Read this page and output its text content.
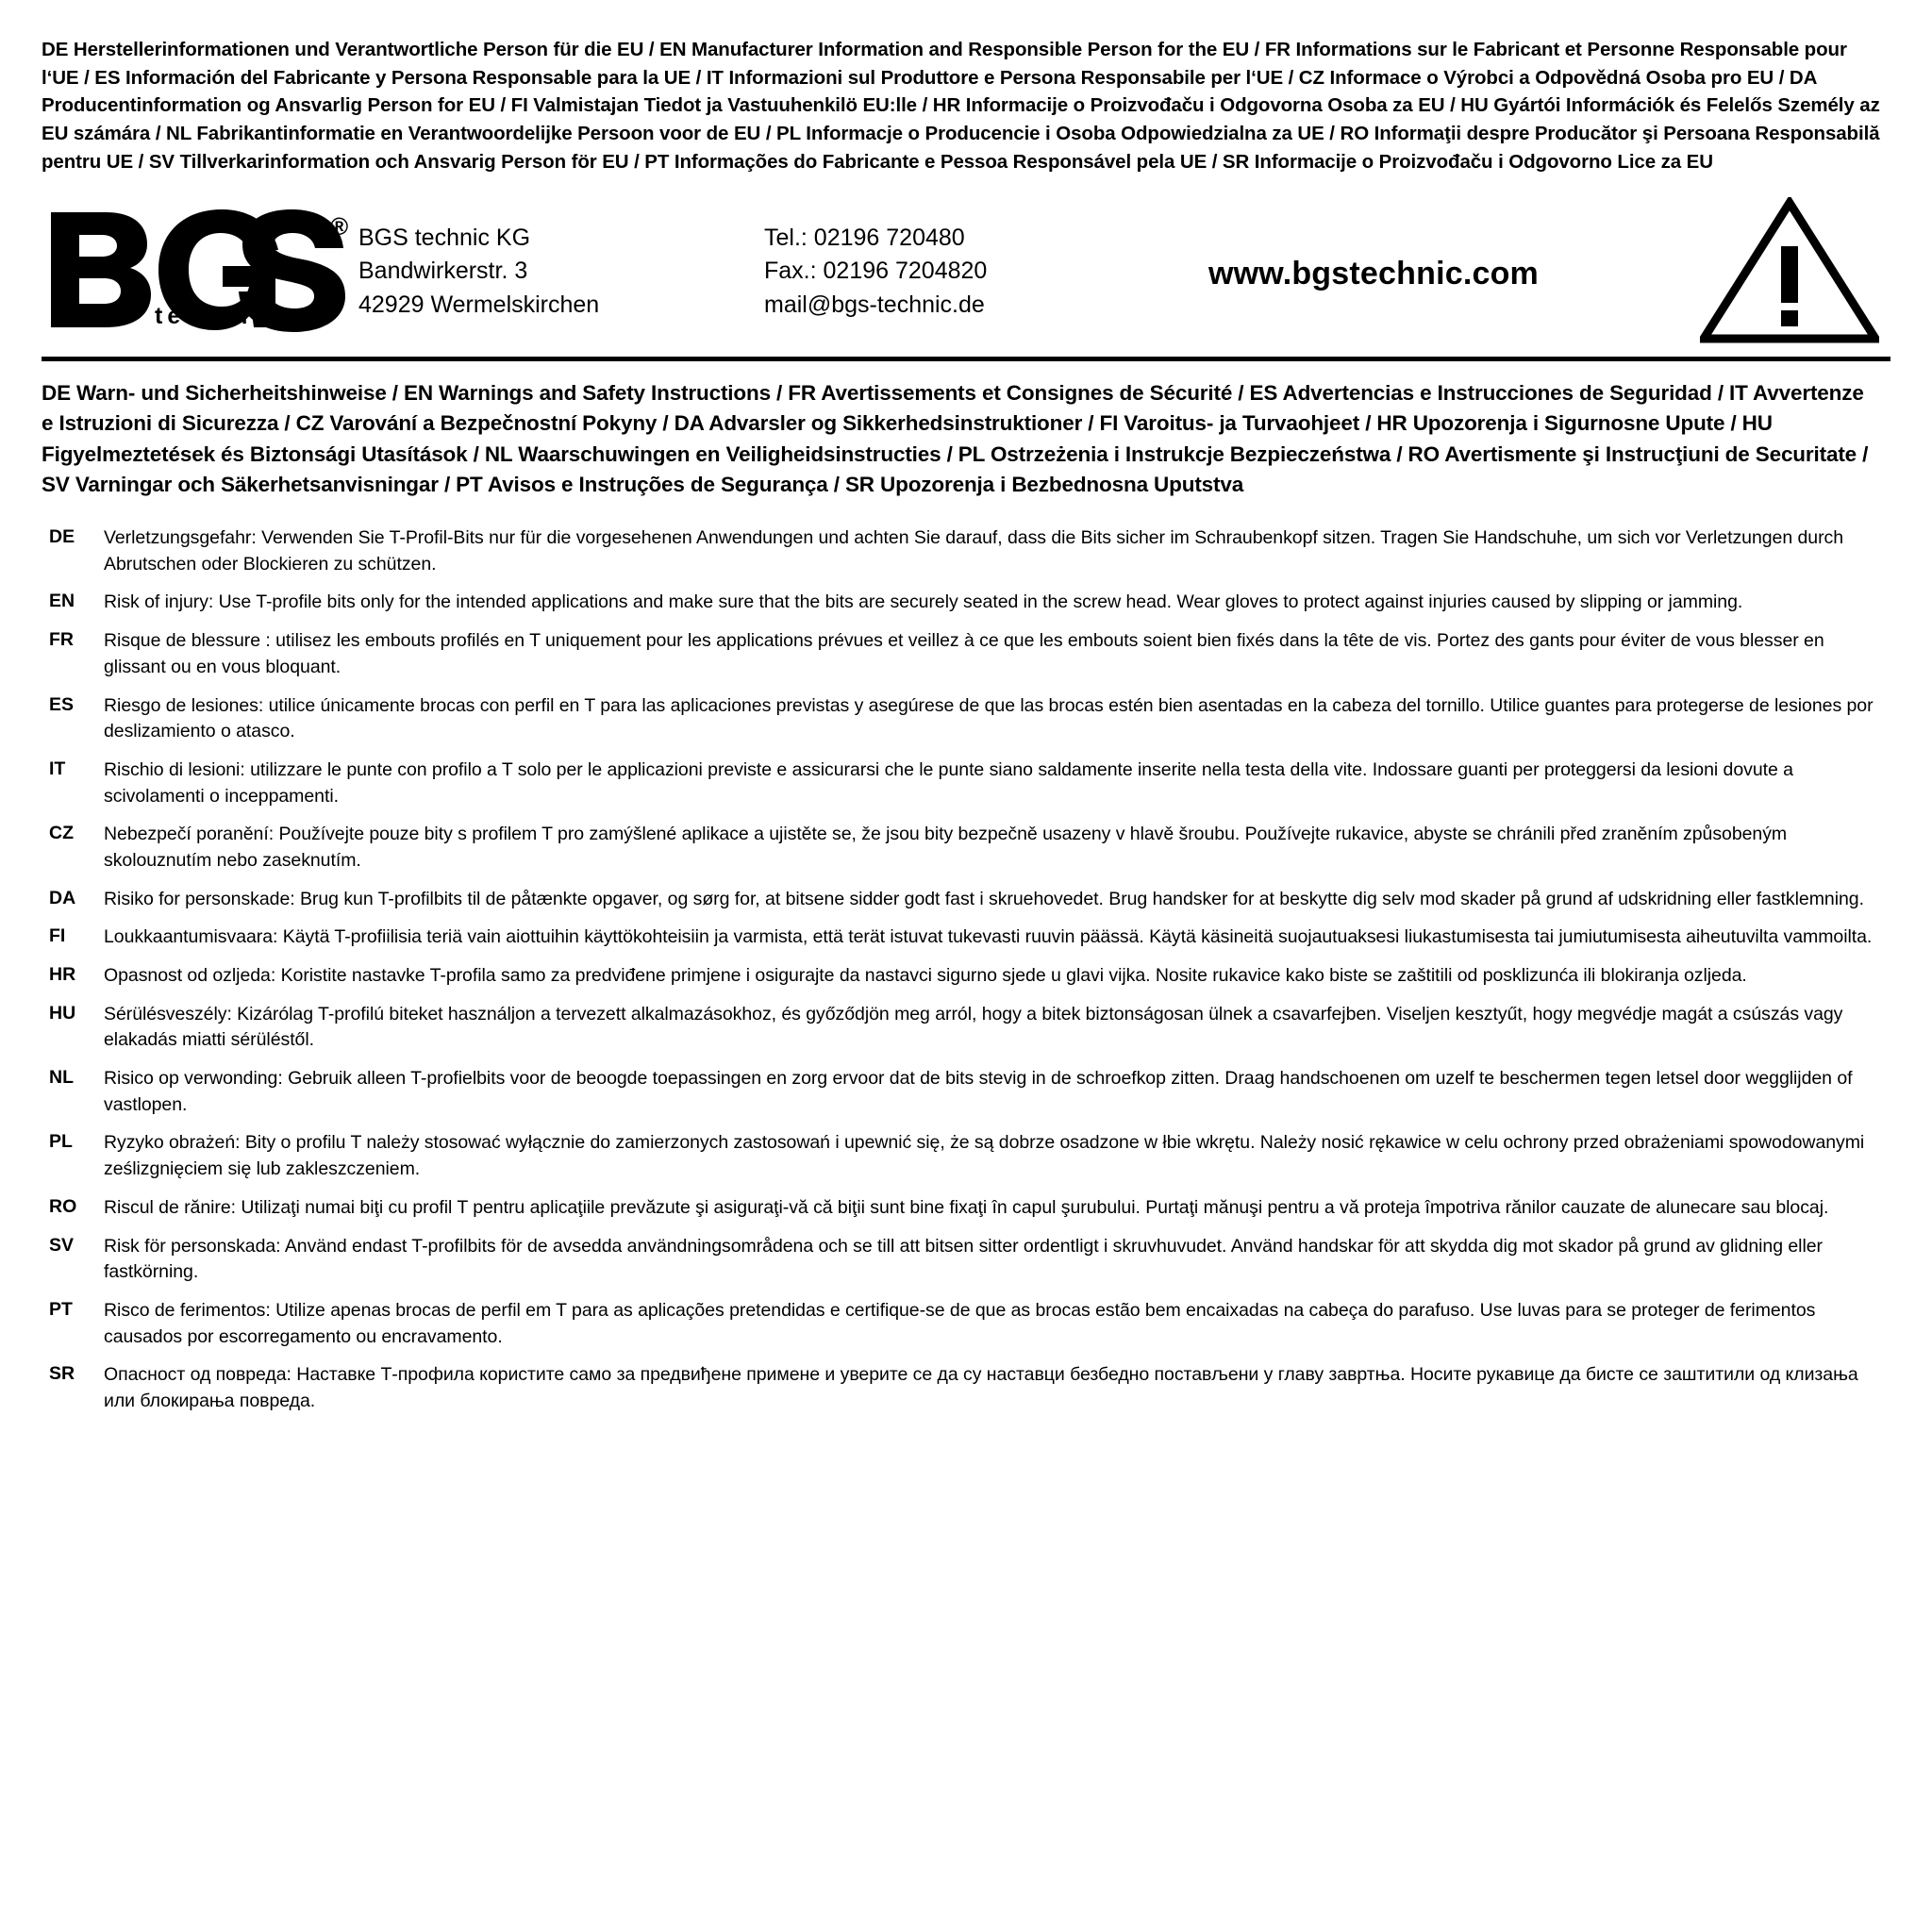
DE Herstellerinformationen und Verantwortliche Person für die EU / EN Manufacturer Information and Responsible Person for the EU / FR Informations sur le Fabricant et Personne Responsable pour l‘UE / ES Información del Fabricante y Persona Responsable para la UE / IT Informazioni sul Produttore e Persona Responsabile per l‘UE / CZ Informace o Výrobci a Odpovědná Osoba pro EU / DA Producentinformation og Ansvarlig Person for EU / FI Valmistajan Tiedot ja Vastuuhenkilö EU:lle / HR Informacije o Proizvođaču i Odgovorna Osoba za EU / HU Gyártói Információk és Felelős Személy az EU számára / NL Fabrikantinformatie en Verantwoordelijke Persoon voor de EU / PL Informacje o Producencie i Osoba Odpowiedzialna za UE / RO Informaţii despre Producător şi Persoana Responsabilă pentru UE / SV Tillverkarinformation och Ansvarig Person för EU / PT Informações do Fabricante e Pessoa Responsável pela UE / SR Informacije o Proizvođaču i Odgovorno Lice za EU
®
technic
BGS technic KG
Bandwirkerstr. 3
42929 Wermelskirchen
Tel.: 02196 720480
Fax.: 02196 7204820
mail@bgs-technic.de
www.bgstechnic.com
DE Warn- und Sicherheitshinweise / EN Warnings and Safety Instructions / FR Avertissements et Consignes de Sécurité / ES Advertencias e Instrucciones de Seguridad / IT Avvertenze e Istruzioni di Sicurezza / CZ Varování a Bezpečnostní Pokyny / DA Advarsler og Sikkerhedsinstruktioner / FI Varoitus- ja Turvaohjeet / HR Upozorenja i Sigurnosne Upute / HU Figyelmeztetések és Biztonsági Utasítások / NL Waarschuwingen en Veiligheidsinstructies / PL Ostrzeżenia i Instrukcje Bezpieczeństwa / RO Avertismente şi Instrucţiuni de Securitate / SV Varningar och Säkerhetsanvisningar / PT Avisos e Instruções de Segurança / SR Upozorenja i Bezbednosna Uputstva
DE	Verletzungsgefahr: Verwenden Sie T-Profil-Bits nur für die vorgesehenen Anwendungen und achten Sie darauf, dass die Bits sicher im Schraubenkopf sitzen. Tragen Sie Handschuhe, um sich vor Verletzungen durch Abrutschen oder Blockieren zu schützen.
EN	Risk of injury: Use T-profile bits only for the intended applications and make sure that the bits are securely seated in the screw head. Wear gloves to protect against injuries caused by slipping or jamming.
FR	Risque de blessure : utilisez les embouts profilés en T uniquement pour les applications prévues et veillez à ce que les embouts soient bien fixés dans la tête de vis. Portez des gants pour éviter de vous blesser en glissant ou en vous bloquant.
ES	Riesgo de lesiones: utilice únicamente brocas con perfil en T para las aplicaciones previstas y asegúrese de que las brocas estén bien asentadas en la cabeza del tornillo. Utilice guantes para protegerse de lesiones por deslizamiento o atasco.
IT	Rischio di lesioni: utilizzare le punte con profilo a T solo per le applicazioni previste e assicurarsi che le punte siano saldamente inserite nella testa della vite. Indossare guanti per proteggersi da lesioni dovute a scivolamenti o inceppamenti.
CZ	Nebezpečí poranění: Používejte pouze bity s profilem T pro zamýšlené aplikace a ujistěte se, že jsou bity bezpečně usazeny v hlavě šroubu. Používejte rukavice, abyste se chránili před zraněním způsobeným skolouznutím nebo zaseknutím.
DA	Risiko for personskade: Brug kun T-profilbits til de påtænkte opgaver, og sørg for, at bitsene sidder godt fast i skruehovedet. Brug handsker for at beskytte dig selv mod skader på grund af udskridning eller fastklemning.
FI	Loukkaantumisvaara: Käytä T-profiilisia teriä vain aiottuihin käyttökohteisiin ja varmista, että terät istuvat tukevasti ruuvin päässä. Käytä käsineitä suojautuaksesi liukastumisesta tai jumiutumisesta aiheutuvilta vammoilta.
HR	Opasnost od ozljeda: Koristite nastavke T-profila samo za predviđene primjene i osigurajte da nastavci sigurno sjede u glavi vijka. Nosite rukavice kako biste se zaštitili od posklizunća ili blokiranja ozljeda.
HU	Sérülésveszély: Kizárólag T-profilú biteket használjon a tervezett alkalmazásokhoz, és győződjön meg arról, hogy a bitek biztonságosan ülnek a csavarfejben. Viseljen kesztyűt, hogy megvédje magát a csúszás vagy elakadás miatti sérüléstől.
NL	Risico op verwonding: Gebruik alleen T-profielbits voor de beoogde toepassingen en zorg ervoor dat de bits stevig in de schroefkop zitten. Draag handschoenen om uzelf te beschermen tegen letsel door wegglijden of vastlopen.
PL	Ryzyko obrażeń: Bity o profilu T należy stosować wyłącznie do zamierzonych zastosowań i upewnić się, że są dobrze osadzone w łbie wkrętu. Należy nosić rękawice w celu ochrony przed obrażeniami spowodowanymi ześlizgnięciem się lub zakleszczeniem.
RO	Riscul de rănire: Utilizaţi numai biţi cu profil T pentru aplicaţiile prevăzute şi asiguraţi-vă că biţii sunt bine fixaţi în capul şurubului. Purtaţi mănuşi pentru a vă proteja împotriva rănilor cauzate de alunecare sau blocaj.
SV	Risk för personskada: Använd endast T-profilbits för de avsedda användningsområdena och se till att bitsen sitter ordentligt i skruvhuvudet. Använd handskar för att skydda dig mot skador på grund av glidning eller fastkörning.
PT	Risco de ferimentos: Utilize apenas brocas de perfil em T para as aplicações pretendidas e certifique-se de que as brocas estão bem encaixadas na cabeça do parafuso. Use luvas para se proteger de ferimentos causados por escorregamento ou encravamento.
SR	Опасност од повреда: Наставке Т-профила користите само за предвиђене примене и уверите се да су наставци безбедно постављени у главу завртња. Носите рукавице да бисте се заштитили од клизања или блокирања повреда.
